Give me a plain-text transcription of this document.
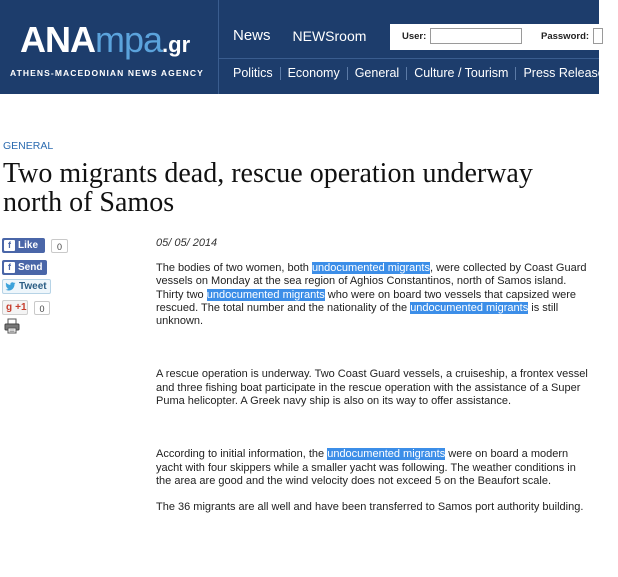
ANAmpa.gr
ATHENS-MACEDONIAN NEWS AGENCY
News NEWSroom	User:	Password:
Politics	Economy	General	Culture / Tourism	Press Releases
GENERAL
Two migrants dead, rescue operation underway north of Samos
f Like	0
f Send
Tweet
g +1	0
05/ 05/ 2014

The bodies of two women, both undocumented migrants, were collected by Coast Guard vessels on Monday at the sea region of Aghios Constantinos, north of Samos island. Thirty two undocumented migrants who were on board two vessels that capsized were rescued. The total number and the nationality of the undocumented migrants is still unknown.

A rescue operation is underway. Two Coast Guard vessels, a cruiseship, a frontex vessel and three fishing boat participate in the rescue operation with the assistance of a Super Puma helicopter. A Greek navy ship is also on its way to offer assistance.

According to initial information, the undocumented migrants were on board a modern yacht with four skippers while a smaller yacht was following. The weather conditions in the area are good and the wind velocity does not exceed 5 on the Beaufort scale.

The 36 migrants are all well and have been transferred to Samos port authority building.
